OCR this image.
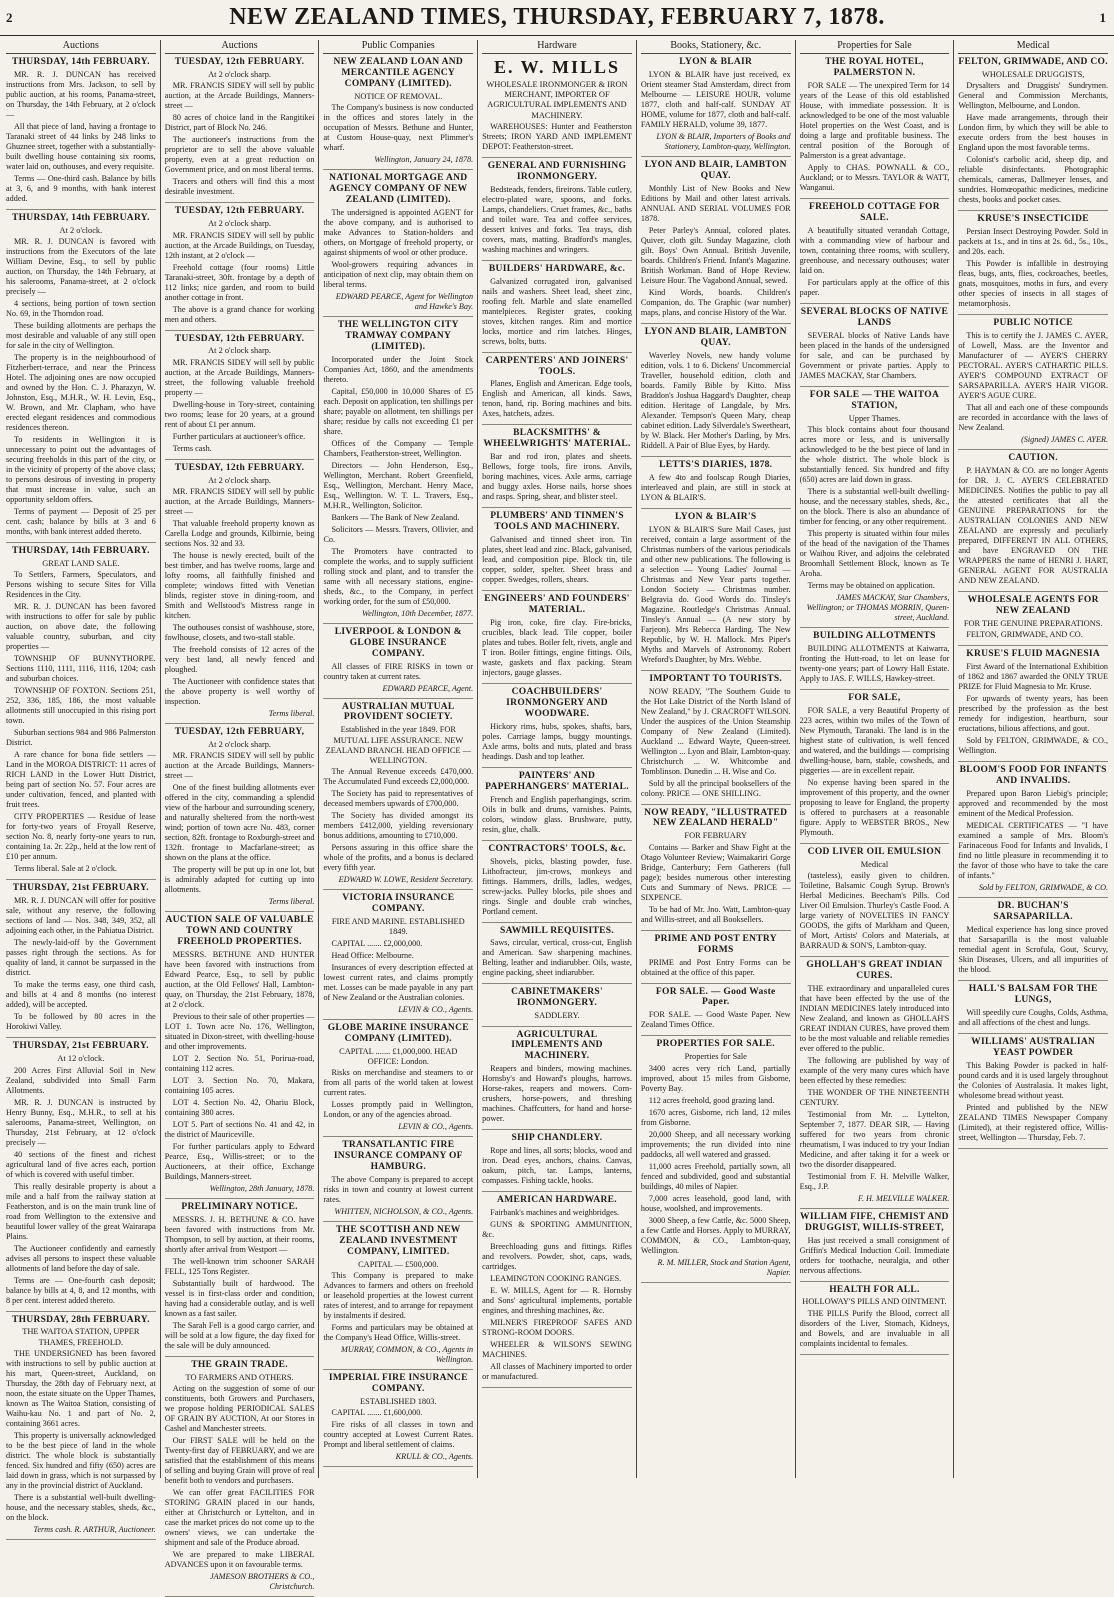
2	NEW ZEALAND TIMES, THURSDAY, FEBRUARY 7, 1878.	1
Auctions
THURSDAY, 14th FEBRUARY.

MR. R. J. DUNCAN has received instructions from Mrs. Jackson, to sell by public auction, at his rooms, Panama-street, on Thursday, the 14th February, at 2 o'clock —

All that piece of land, having a frontage to Taranaki street of 44 links by 248 links to Ghuznee street, together with a substantially-built dwelling house containing six rooms, water laid on, outhouses, and every requisite.

Terms — One-third cash. Balance by bills at 3, 6, and 9 months, with bank interest added.

THURSDAY, 14th FEBRUARY.
At 2 o'clock.

MR. R. J. DUNCAN is favored with instructions from the Executors of the late William Devine, Esq., to sell by public auction, on Thursday, the 14th February, at his salerooms, Panama-street, at 2 o'clock precisely —

4 sections, being portion of town section No. 69, in the Thorndon road.

These building allotments are perhaps the most desirable and valuable of any still open for sale in the city of Wellington.

The property is in the neighbourhood of Fitzherbert-terrace, and near the Princess Hotel. The adjoining ones are now occupied and owned by the Hon. C. J. Pharazyn, W. Johnston, Esq., M.H.R., W. H. Levin, Esq., W. Brown, and Mr. Clapham, who have erected elegant residences and commodious residences thereon.

To residents in Wellington it is unnecessary to point out the advantages of securing freeholds in this part of the city, or in the vicinity of property of the above class; to persons desirous of investing in property that must increase in value, such an opportunity seldom offers.

Terms of payment — Deposit of 25 per cent. cash; balance by bills at 3 and 6 months, with bank interest added thereto.

THURSDAY, 14th FEBRUARY.
GREAT LAND SALE.

To Settlers, Farmers, Speculators, and Persons wishing to secure Sites for Villa Residences in the City.

MR. R. J. DUNCAN has been favored with instructions to offer for sale by public auction, on above date, the following valuable country, suburban, and city properties —

TOWNSHIP OF BUNNYTHORPE. Sections 1110, 1111, 1116, 1116, 1204; cash and suburban choices.

TOWNSHIP OF FOXTON. Sections 251, 252, 336, 185, 186, the most valuable allotments still unoccupied in this rising port town.

Suburban sections 984 and 986 Palmerston District.

A rare chance for bona fide settlers — Land in the MOROA DISTRICT: 11 acres of RICH LAND in the Lower Hutt District, being part of section No. 57. Four acres are under cultivation, fenced, and planted with fruit trees.

CITY PROPERTIES — Residue of lease for forty-two years of Froyall Reserve, section No. 8, nearly forty-one years to run, containing 1a. 2r. 22p., held at the low rent of £10 per annum.

Terms liberal. Sale at 2 o'clock.

THURSDAY, 21st FEBRUARY.

MR. R. J. DUNCAN will offer for positive sale, without any reserve, the following sections of land — Nos. 348, 349, 352, all adjoining each other, in the Pahiatua District.

The newly-laid-off by the Government passes right through the sections. As for quality of land, it cannot be surpassed in the district.

To make the terms easy, one third cash, and bills at 4 and 8 months (no interest added), will be accepted.

To be followed by 80 acres in the Horokiwi Valley.

THURSDAY, 21st FEBRUARY.
At 12 o'clock.

200 Acres First Alluvial Soil in New Zealand, subdivided into Small Farm Allotments.

MR. R. J. DUNCAN is instructed by Henry Bunny, Esq., M.H.R., to sell at his salerooms, Panama-street, Wellington, on Thursday, 21st February, at 12 o'clock precisely —

40 sections of the finest and richest agricultural land of five acres each, portion of which is covered with useful timber.

This really desirable property is about a mile and a half from the railway station at Featherston, and is on the main trunk line of road from Wellington to the extensive and beautiful lower valley of the great Wairarapa Plains.

The Auctioneer confidently and earnestly advises all persons to inspect these valuable allotments of land before the day of sale.

Terms are — One-fourth cash deposit; balance by bills at 4, 8, and 12 months, with 8 per cent. interest added thereto.

THURSDAY, 28th FEBRUARY.
THE WAITOA STATION, UPPER THAMES, FREEHOLD.

THE UNDERSIGNED has been favored with instructions to sell by public auction at his mart, Queen-street, Auckland, on Thursday, the 28th day of February next, at noon, the estate situate on the Upper Thames, known as The Waitoa Station, consisting of Waihu-kau No. 1 and part of No. 2, containing 3661 acres.

This property is universally acknowledged to be the best piece of land in the whole district. The whole block is substantially fenced. Six hundred and fifty (650) acres are laid down in grass, which is not surpassed by any in the provincial district of Auckland.

There is a substantial well-built dwelling-house, and the necessary stables, sheds, &c., on the block.

Terms cash. R. ARTHUR, Auctioneer.
Auctions
TUESDAY, 12th FEBRUARY.
At 2 o'clock sharp.

MR. FRANCIS SIDEY will sell by public auction, at the Arcade Buildings, Manners-street —

80 acres of choice land in the Rangitikei District, part of Block No. 246.

The auctioneer's instructions from the proprietor are to sell the above valuable property, even at a great reduction on Government price, and on most liberal terms.

Tracers and others will find this a most desirable investment.

TUESDAY, 12th FEBRUARY.
At 2 o'clock sharp.

MR. FRANCIS SIDEY will sell by public auction, at the Arcade Buildings, on Tuesday, 12th instant, at 2 o'clock —

Freehold cottage (four rooms) Little Taranaki-street, 30ft. frontage by a depth of 112 links; nice garden, and room to build another cottage in front.

The above is a grand chance for working men and others.

TUESDAY, 12th FEBRUARY.
At 2 o'clock sharp.

MR. FRANCIS SIDEY will sell by public auction, at the Arcade Buildings, Manners-street, the following valuable freehold property —

Dwelling-house in Tory-street, containing two rooms; lease for 20 years, at a ground rent of about £1 per annum.

Further particulars at auctioneer's office.

Terms cash.

TUESDAY, 12th FEBRUARY.
At 2 o'clock sharp.

MR. FRANCIS SIDEY will sell by public auction, at the Arcade Buildings, Manners-street —

That valuable freehold property known as Carella Lodge and grounds, Kilbirnie, being sections Nos. 32 and 33.

The house is newly erected, built of the best timber, and has twelve rooms, large and lofty rooms, all faithfully finished and complete; windows fitted with Venetian blinds, register stove in dining-room, and Smith and Wellstood's Mistress range in kitchen.

The outhouses consist of washhouse, store, fowlhouse, closets, and two-stall stable.

The freehold consists of 12 acres of the very best land, all newly fenced and ploughed.

The Auctioneer with confidence states that the above property is well worthy of inspection.

Terms liberal.
TUESDAY, 12th FEBRUARY,
At 2 o'clock sharp.

MR. FRANCIS SIDEY will sell by public auction at the Arcade Buildings, Manners-street —

One of the finest building allotments ever offered in the city, commanding a splendid view of the harbour and surrounding scenery, and naturally sheltered from the north-west wind; portion of town acre No. 483, corner section, 82ft. frontage to Roxburgh-street and 132ft. frontage to Macfarlane-street; as shown on the plans at the office.

The property will be put up in one lot, but is admirably adapted for cutting up into allotments.

Terms liberal.
AUCTION SALE OF VALUABLE TOWN AND COUNTRY FREEHOLD PROPERTIES.

MESSRS. BETHUNE AND HUNTER have been favored with instructions from Edward Pearce, Esq., to sell by public auction, at the Old Fellows' Hall, Lambton-quay, on Thursday, the 21st February, 1878, at 2 o'clock.

Previous to their sale of other properties — LOT 1. Town acre No. 176, Wellington, situated in Dixon-street, with dwelling-house and other improvements.

LOT 2. Section No. 51, Porirua-road, containing 112 acres.

LOT 3. Section No. 70, Makara, containing 105 acres.

LOT 4. Section No. 42, Ohariu Block, containing 380 acres.

LOT 5. Part of sections No. 41 and 42, in the district of Mauriceville.

For further particulars apply to Edward Pearce, Esq., Willis-street; or to the Auctioneers, at their office, Exchange Buildings, Manners-street.

Wellington, 28th January, 1878.
PRELIMINARY NOTICE.

MESSRS. J. H. BETHUNE & CO. have been favored with instructions from Mr. Thompson, to sell by auction, at their rooms, shortly after arrival from Westport —

The well-known trim schooner SARAH FELL, 125 Tons Register.

Substantially built of hardwood. The vessel is in first-class order and condition, having had a considerable outlay, and is well known as a fast sailer.

The Sarah Fell is a good cargo carrier, and will be sold at a low figure, the day fixed for the sale will be duly announced.

THE GRAIN TRADE.
TO FARMERS AND OTHERS.

Acting on the suggestion of some of our constituents, both Growers and Purchasers, we propose holding PERIODICAL SALES OF GRAIN BY AUCTION, At our Stores in Cashel and Manchester streets.

Our FIRST SALE will be held on the Twenty-first day of FEBRUARY, and we are satisfied that the establishment of this means of selling and buying Grain will prove of real benefit both to vendors and purchasers.

We can offer great FACILITIES FOR STORING GRAIN placed in our hands, either at Christchurch or Lyttelton, and in case the market prices do not come up to the owners' views, we can undertake the shipment and sale of the Produce abroad.

We are prepared to make LIBERAL ADVANCES upon it on favourable terms.

JAMESON BROTHERS & CO., Christchurch.
Public Companies
NEW ZEALAND LOAN AND MERCANTILE AGENCY COMPANY (LIMITED).
NOTICE OF REMOVAL.

The Company's business is now conducted in the offices and stores lately in the occupation of Messrs. Bethune and Hunter, at Custom House-quay, next Plimmer's wharf.

Wellington, January 24, 1878.
NATIONAL MORTGAGE AND AGENCY COMPANY OF NEW ZEALAND (LIMITED).

The undersigned is appointed AGENT for the above company, and is authorised to make Advances to Station-holders and others, on Mortgage of freehold property, or against shipments of wool or other produce.

Wool-growers requiring advances in anticipation of next clip, may obtain them on liberal terms.

EDWARD PEARCE, Agent for Wellington and Hawke's Bay.
THE WELLINGTON CITY TRAMWAY COMPANY (LIMITED).

Incorporated under the Joint Stock Companies Act, 1860, and the amendments thereto.

Capital, £50,000 in 10,000 Shares of £5 each. Deposit on application, ten shillings per share; payable on allotment, ten shillings per share; residue by calls not exceeding £1 per share.

Offices of the Company — Temple Chambers, Featherston-street, Wellington.

Directors — John Henderson, Esq., Wellington, Merchant. Robert Greenfield, Esq., Wellington, Merchant. Henry Mace, Esq., Wellington. W. T. L. Travers, Esq., M.H.R., Wellington, Solicitor.

Bankers — The Bank of New Zealand.

Solicitors — Messrs. Travers, Ollivier, and Co.

The Promoters have contracted to complete the works, and to supply sufficient rolling stock and plant, and to transfer the same with all necessary stations, engine-sheds, &c., to the Company, in perfect working order, for the sum of £50,000.

Wellington, 10th December, 1877.
LIVERPOOL & LONDON & GLOBE INSURANCE COMPANY.

All classes of FIRE RISKS in town or country taken at current rates.

EDWARD PEARCE, Agent.
AUSTRALIAN MUTUAL PROVIDENT SOCIETY.
Established in the year 1849. FOR MUTUAL LIFE ASSURANCE. NEW ZEALAND BRANCH. HEAD OFFICE — WELLINGTON.

The Annual Revenue exceeds £470,000. The Accumulated Fund exceeds £2,000,000.

The Society has paid to representatives of deceased members upwards of £700,000.

The Society has divided amongst its members £412,000, yielding reversionary bonus additions, amounting to £710,000.

Persons assuring in this office share the whole of the profits, and a bonus is declared every fifth year.

EDWARD W. LOWE, Resident Secretary.
VICTORIA INSURANCE COMPANY.
FIRE AND MARINE. ESTABLISHED 1849.

CAPITAL ....... £2,000,000.

Head Office: Melbourne.

Insurances of every description effected at lowest current rates, and claims promptly met. Losses can be made payable in any part of New Zealand or the Australian colonies.

LEVIN & CO., Agents.
GLOBE MARINE INSURANCE COMPANY (LIMITED).
CAPITAL ....... £1,000,000. HEAD OFFICE: London.

Risks on merchandise and steamers to or from all parts of the world taken at lowest current rates.

Losses promptly paid in Wellington, London, or any of the agencies abroad.

LEVIN & CO., Agents.
TRANSATLANTIC FIRE INSURANCE COMPANY OF HAMBURG.

The above Company is prepared to accept risks in town and country at lowest current rates.

WHITTEN, NICHOLSON, & CO., Agents.
THE SCOTTISH AND NEW ZEALAND INVESTMENT COMPANY, LIMITED.
CAPITAL — £500,000.

This Company is prepared to make Advances to farmers and others on freehold or leasehold properties at the lowest current rates of interest, and to arrange for repayment by instalments if desired.

Forms and particulars may be obtained at the Company's Head Office, Willis-street.

MURRAY, COMMON, & CO., Agents in Wellington.
IMPERIAL FIRE INSURANCE COMPANY.
ESTABLISHED 1803.

CAPITAL ....... £1,600,000.

Fire risks of all classes in town and country accepted at Lowest Current Rates. Prompt and liberal settlement of claims.

KRULL & CO., Agents.
Hardware
E. W. MILLS
WHOLESALE IRONMONGER & IRON MERCHANT, IMPORTER OF AGRICULTURAL IMPLEMENTS AND MACHINERY.

WAREHOUSES: Hunter and Featherston Streets; IRON YARD AND IMPLEMENT DEPOT: Featherston-street.

GENERAL AND FURNISHING IRONMONGERY.

Bedsteads, fenders, fireirons. Table cutlery, electro-plated ware, spoons, and forks. Lamps, chandeliers. Cruet frames, &c., baths and toilet ware. Tea and coffee services, dessert knives and forks. Tea trays, dish covers, mats, matting. Bradford's mangles, washing machines and wringers.

BUILDERS' HARDWARE, &c.

Galvanized corrugated iron, galvanised nails and washers. Sheet lead, sheet zinc, roofing felt. Marble and slate enamelled mantelpieces. Register grates, cooking stoves, kitchen ranges. Rim and mortice locks, mortice and rim latches. Hinges, screws, bolts, butts.

CARPENTERS' AND JOINERS' TOOLS.

Planes, English and American. Edge tools, English and American, all kinds. Saws, tenon, hand, rip. Boring machines and bits. Axes, hatchets, adzes.

BLACKSMITHS' & WHEELWRIGHTS' MATERIAL.

Bar and rod iron, plates and sheets. Bellows, forge tools, fire irons. Anvils, boring machines, vices. Axle arms, carriage and buggy axles. Horse nails, horse shoes and rasps. Spring, shear, and blister steel.

PLUMBERS' AND TINMEN'S TOOLS AND MACHINERY.

Galvanised and tinned sheet iron. Tin plates, sheet lead and zinc. Black, galvanised, lead, and composition pipe. Block tin, tile copper, solder, spelter. Sheet brass and copper. Swedges, rollers, shears.

ENGINEERS' AND FOUNDERS' MATERIAL.

Pig iron, coke, fire clay. Fire-bricks, crucibles, black lead. Tile copper, boiler plates and tubes. Boiler felt, rivets, angle and T iron. Boiler fittings, engine fittings. Oils, waste, gaskets and flax packing. Steam injectors, gauge glasses.

COACHBUILDERS' IRONMONGERY AND WOODWARE.

Hickory rims, hubs, spokes, shafts, bars, poles. Carriage lamps, buggy mountings. Axle arms, bolts and nuts, plated and brass headings. Dash and top leather.

PAINTERS' AND PAPERHANGERS' MATERIAL.

French and English paperhangings, scrim. Oils in bulk and drums, varnishes. Paints, colors, window glass. Brushware, putty, resin, glue, chalk.

CONTRACTORS' TOOLS, &c.

Shovels, picks, blasting powder, fuse. Lithofracteur, jim-crows, monkeys and fittings. Hammers, drills, ladles, wedges, screw-jacks. Pulley blocks, pile shoes and rings. Single and double crab winches, Portland cement.

SAWMILL REQUISITES.

Saws, circular, vertical, cross-cut, English and American. Saw sharpening machines. Belting, leather and indiarubber. Oils, waste, engine packing, sheet indiarubber.

CABINETMAKERS' IRONMONGERY.
SADDLERY.
AGRICULTURAL IMPLEMENTS AND MACHINERY.

Reapers and binders, mowing machines. Hornsby's and Howard's ploughs, harrows. Horse-rakes, reapers and mowers. Corn-crushers, horse-powers, and threshing machines. Chaffcutters, for hand and horse-power.

SHIP CHANDLERY.

Rope and lines, all sorts; blocks, wood and iron. Dead eyes, anchors, chains. Canvas, oakum, pitch, tar. Lamps, lanterns, compasses. Fishing tackle, hooks.

AMERICAN HARDWARE.

Fairbank's machines and weighbridges.

GUNS & SPORTING AMMUNITION, &c.

Breechloading guns and fittings. Rifles and revolvers. Powder, shot, caps, wads, cartridges.

LEAMINGTON COOKING RANGES.

E. W. MILLS, Agent for — R. Hornsby and Sons' agricultural implements, portable engines, and threshing machines, &c.

MILNER'S FIREPROOF SAFES AND STRONG-ROOM DOORS.

WHEELER & WILSON'S SEWING MACHINES.

All classes of Machinery imported to order or manufactured.

Books, Stationery, &c.
LYON & BLAIR

LYON & BLAIR have just received, ex Orient steamer Stad Amsterdam, direct from Melbourne — LEISURE HOUR, volume 1877, cloth and half-calf. SUNDAY AT HOME, volume for 1877, cloth and half-calf. FAMILY HERALD, volume 39, 1877.

LYON & BLAIR, Importers of Books and Stationery, Lambton-quay, Wellington.
LYON AND BLAIR, LAMBTON QUAY.

Monthly List of New Books and New Editions by Mail and other latest arrivals. ANNUAL AND SERIAL VOLUMES FOR 1878.

Peter Parley's Annual, colored plates. Quiver, cloth gilt. Sunday Magazine, cloth gilt. Boys' Own Annual. British Juvenile, boards. Children's Friend. Infant's Magazine. British Workman. Band of Hope Review. Leisure Hour. The Vagabond Annual, sewed.

Kind Words, boards. Children's Companion, do. The Graphic (war number) maps, plans, and concise History of the War.

LYON AND BLAIR, LAMBTON QUAY.

Waverley Novels, new handy volume edition, vols. 1 to 6. Dickens' Uncommercial Traveller, household edition, cloth and boards. Family Bible by Kitto. Miss Braddon's Joshua Haggard's Daughter, cheap edition. Heritage of Langdale, by Mrs. Alexander. Tempson's Queen Mary, cheap cabinet edition. Lady Silverdale's Sweetheart, by W. Black. Her Mother's Darling, by Mrs. Riddell. A Pair of Blue Eyes, by Hardy.

LETTS'S DIARIES, 1878.

A few 4to and foolscap Rough Diaries, interleaved and plain, are still in stock at LYON & BLAIR'S.

LYON & BLAIR'S

LYON & BLAIR'S Sure Mail Cases, just received, contain a large assortment of the Christmas numbers of the various periodicals and other new publications. The following is a selection — Young Ladies' Journal — Christmas and New Year parts together. London Society — Christmas number. Belgravia do. Good Words do. Tinsley's Magazine. Routledge's Christmas Annual. Tinsley's Annual — (A new story by Farjeon). Mrs Rebecca Harding. The New Republic, by W. H. Mallock. Mrs Piper's Myths and Marvels of Astronomy. Robert Wreford's Daughter, by Mrs. Webbe.

IMPORTANT TO TOURISTS.

NOW READY, "The Southern Guide to the Hot Lake District of the North Island of New Zealand," by J. CRACROFT WILSON. Under the auspices of the Union Steamship Company of New Zealand (Limited). Auckland ... Edward Wayte, Queen-street. Wellington ... Lyon and Blair, Lambton-quay. Christchurch ... W. Whitcombe and Tomblinson. Dunedin ... H. Wise and Co.

Sold by all the principal booksellers of the colony. PRICE — ONE SHILLING.

NOW READY, "ILLUSTRATED NEW ZEALAND HERALD"
FOR FEBRUARY

Contains — Barker and Shaw Fight at the Otago Volunteer Review; Waimakariri Gorge Bridge, Canterbury; Fern Gatherers (full page); besides numerous other interesting Cuts and Summary of News. PRICE — SIXPENCE.

To be had of Mr. Jno. Watt, Lambton-quay and Willis-street, and all Booksellers.

PRIME AND POST ENTRY FORMS

PRIME and Post Entry Forms can be obtained at the office of this paper.

FOR SALE. — Good Waste Paper.

FOR SALE. — Good Waste Paper. New Zealand Times Office.

PROPERTIES FOR SALE.
Properties for Sale

3400 acres very rich Land, partially improved, about 15 miles from Gisborne, Poverty Bay.

112 acres freehold, good grazing land.

1670 acres, Gisborne, rich land, 12 miles from Gisborne.

20,000 Sheep, and all necessary working improvements; the run divided into nine paddocks, all well watered and grassed.

11,000 acres Freehold, partially sown, all fenced and subdivided, good and substantial buildings, 40 miles of Napier.

7,000 acres leasehold, good land, with house, woolshed, and improvements.

3000 Sheep, a few Cattle, &c. 5000 Sheep, a few Cattle and Horses. Apply to MURRAY, COMMON, & CO., Lambton-quay, Wellington.

R. M. MILLER, Stock and Station Agent, Napier.
Properties for Sale
THE ROYAL HOTEL, PALMERSTON N.

FOR SALE — The unexpired Term for 14 years of the Lease of this old established House, with immediate possession. It is acknowledged to be one of the most valuable Hotel properties on the West Coast, and is doing a large and profitable business. The central position of the Borough of Palmerston is a great advantage.

Apply to CHAS. POWNALL & CO., Auckland; or to Messrs. TAYLOR & WATT, Wanganui.

FREEHOLD COTTAGE FOR SALE.

A beautifully situated verandah Cottage, with a commanding view of harbour and town, containing three rooms, with scullery, greenhouse, and necessary outhouses; water laid on.

For particulars apply at the office of this paper.

SEVERAL BLOCKS OF NATIVE LANDS

SEVERAL blocks of Native Lands have been placed in the hands of the undersigned for sale, and can be purchased by Government or private parties. Apply to JAMES MACKAY, Star Chambers.

FOR SALE — THE WAITOA STATION,
Upper Thames.

This block contains about four thousand acres more or less, and is universally acknowledged to be the best piece of land in the whole district. The whole block is substantially fenced. Six hundred and fifty (650) acres are laid down in grass.

There is a substantial well-built dwelling-house, and the necessary stables, sheds, &c., on the block. There is also an abundance of timber for fencing, or any other requirement.

This property is situated within four miles of the head of the navigation of the Thames or Waihou River, and adjoins the celebrated Broomhall Settlement Block, known as Te Aroha.

Terms may be obtained on application.

JAMES MACKAY, Star Chambers, Wellington; or THOMAS MORRIN, Queen-street, Auckland.
BUILDING ALLOTMENTS

BUILDING ALLOTMENTS at Kaiwarra, fronting the Hutt-road, to let on lease for twenty-one years; part of Lowry Hall Estate. Apply to JAS. F. WILLS, Hawkey-street.

FOR SALE,

FOR SALE, a very Beautiful Property of 223 acres, within two miles of the Town of New Plymouth, Taranaki. The land is in the highest state of cultivation, is well fenced and watered, and the buildings — comprising dwelling-house, barn, stable, cowsheds, and piggeries — are in excellent repair.

No expense having been spared in the improvement of this property, and the owner proposing to leave for England, the property is offered to purchasers at a reasonable figure. Apply to WEBSTER BROS., New Plymouth.

COD LIVER OIL EMULSION
Medical

(tasteless), easily given to children. Toiletine, Balsamic Cough Syrup. Brown's Herbal Medicines. Beecham's Pills. Cod Liver Oil Emulsion. Thurley's Castle Food. A large variety of NOVELTIES IN FANCY GOODS, the gifts of Markham and Queen, of Mort, Artists' Colors and Materials, at BARRAUD & SON'S, Lambton-quay.

GHOLLAH'S GREAT INDIAN CURES.

THE extraordinary and unparalleled cures that have been effected by the use of the INDIAN MEDICINES lately introduced into New Zealand, and known as GHOLLAH'S GREAT INDIAN CURES, have proved them to be the most valuable and reliable remedies ever offered to the public.

The following are published by way of example of the very many cures which have been effected by these remedies:

THE WONDER OF THE NINETEENTH CENTURY.

Testimonial from Mr. ... Lyttelton, September 7, 1877. DEAR SIR, — Having suffered for two years from chronic rheumatism, I was induced to try your Indian Medicine, and after taking it for a week or two the disorder disappeared.

Testimonial from F. H. Melville Walker, Esq., J.P.

F. H. MELVILLE WALKER.
WILLIAM FIFE, CHEMIST AND DRUGGIST, WILLIS-STREET,

Has just received a small consignment of Griffin's Medical Induction Coil. Immediate orders for toothache, neuralgia, and other nervous affections.

HEALTH FOR ALL.
HOLLOWAY'S PILLS AND OINTMENT.

THE PILLS Purify the Blood, correct all disorders of the Liver, Stomach, Kidneys, and Bowels, and are invaluable in all complaints incidental to females.

Medical
FELTON, GRIMWADE, AND CO.
WHOLESALE DRUGGISTS,

Drysalters and Druggists' Sundrymen. General and Commission Merchants, Wellington, Melbourne, and London.

Have made arrangements, through their London firm, by which they will be able to execute orders from the best houses in England upon the most favorable terms.

Colonist's carbolic acid, sheep dip, and reliable disinfectants. Photographic chemicals, cameras, Dallmeyer lenses, and sundries. Homœopathic medicines, medicine chests, books and pocket cases.

KRUSE'S INSECTICIDE

Persian Insect Destroying Powder. Sold in packets at 1s., and in tins at 2s. 6d., 5s., 10s., and 20s. each.

This Powder is infallible in destroying fleas, bugs, ants, flies, cockroaches, beetles, gnats, mosquitoes, moths in furs, and every other species of insects in all stages of metamorphosis.

PUBLIC NOTICE

This is to certify the J. JAMES C. AYER, of Lowell, Mass. are the Inventor and Manufacturer of — AYER'S CHERRY PECTORAL. AYER'S CATHARTIC PILLS. AYER'S COMPOUND EXTRACT OF SARSAPARILLA. AYER'S HAIR VIGOR. AYER'S AGUE CURE.

That all and each one of these compounds are recorded in accordance with the laws of New Zealand.

(Signed) JAMES C. AYER.
CAUTION.

P. HAYMAN & CO. are no longer Agents for DR. J. C. AYER'S CELEBRATED MEDICINES. Notifies the public to pay all the attested certificates that all the GENUINE PREPARATIONS for the AUSTRALIAN COLONIES AND NEW ZEALAND are expressly and peculiarly prepared, DIFFERENT IN ALL OTHERS, and have ENGRAVED ON THE WRAPPERS the name of HENRI J. HART, GENERAL AGENT FOR AUSTRALIA AND NEW ZEALAND.

WHOLESALE AGENTS FOR NEW ZEALAND
FOR THE GENUINE PREPARATIONS.

FELTON, GRIMWADE, AND CO.

KRUSE'S FLUID MAGNESIA

First Award of the International Exhibition of 1862 and 1867 awarded the ONLY TRUE PRIZE for Fluid Magnesia to Mr. Kruse.

For upwards of twenty years, has been prescribed by the profession as the best remedy for indigestion, heartburn, sour eructations, bilious affections, and gout.

Sold by FELTON, GRIMWADE, & CO., Wellington.

BLOOM'S FOOD FOR INFANTS AND INVALIDS.

Prepared upon Baron Liebig's principle; approved and recommended by the most eminent of the Medical Profession.

MEDICAL CERTIFICATES — "I have examined a sample of Mrs. Bloom's Farinaceous Food for Infants and Invalids, I find no little pleasure in recommending it to the favor of those who have to take the care of infants."

Sold by FELTON, GRIMWADE, & CO.
DR. BUCHAN'S SARSAPARILLA.

Medical experience has long since proved that Sarsaparilla is the most valuable remedial agent in Scrofula, Gout, Scurvy, Skin Diseases, Ulcers, and all impurities of the blood.

HALL'S BALSAM FOR THE LUNGS,

Will speedily cure Coughs, Colds, Asthma, and all affections of the chest and lungs.

WILLIAMS' AUSTRALIAN YEAST POWDER

This Baking Powder is packed in half-pound cards and it is used largely throughout the Colonies of Australasia. It makes light, wholesome bread without yeast.

Printed and published by the NEW ZEALAND TIMES Newspaper Company (Limited), at their registered office, Willis-street, Wellington — Thursday, Feb. 7.
